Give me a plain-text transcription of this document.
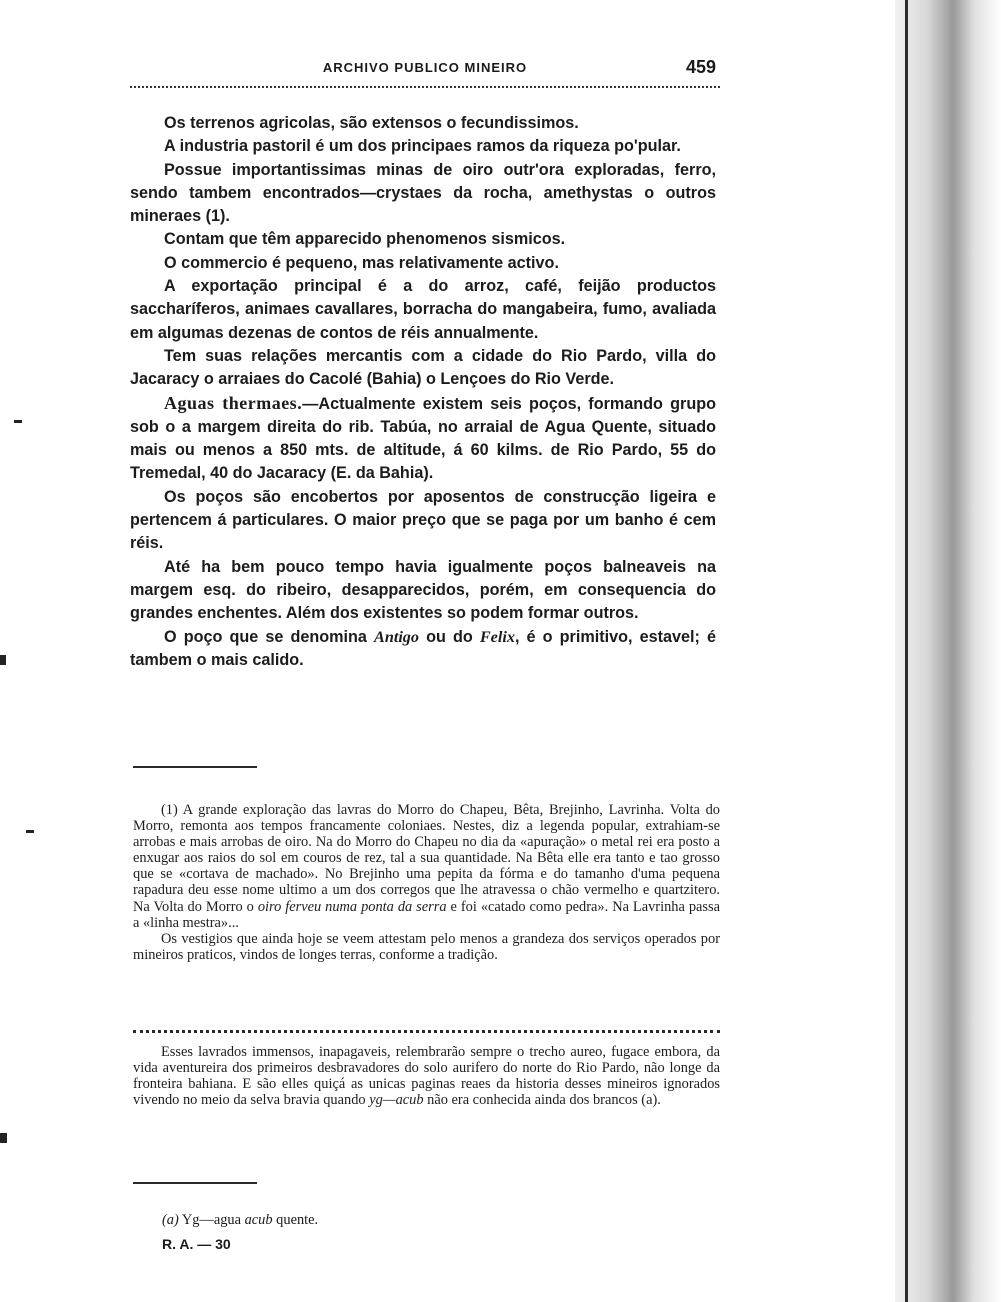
ARCHIVO PUBLICO MINEIRO	459

Os terrenos agricolas, são extensos o fecundissimos.

A industria pastoril é um dos principaes ramos da riqueza po'pular.

Possue importantissimas minas de oiro outr'ora exploradas, ferro, sendo tambem encontrados—crystaes da rocha, amethystas o outros mineraes (1).

Contam que têm apparecido phenomenos sismicos.

O commercio é pequeno, mas relativamente activo.

A exportação principal é a do arroz, café, feijão productos saccharíferos, animaes cavallares, borracha do mangabeira, fumo, avaliada em algumas dezenas de contos de réis annualmente.

Tem suas relações mercantis com a cidade do Rio Pardo, villa do Jacaracy o arraiaes do Cacolé (Bahia) o Lençoes do Rio Verde.

Aguas thermaes.—Actualmente existem seis poços, formando grupo sob o a margem direita do rib. Tabúa, no arraial de Agua Quente, situado mais ou menos a 850 mts. de altitude, á 60 kilms. de Rio Pardo, 55 do Tremedal, 40 do Jacaracy (E. da Bahia).

Os poços são encobertos por aposentos de construcção ligeira e pertencem á particulares. O maior preço que se paga por um banho é cem réis.

Até ha bem pouco tempo havia igualmente poços balneaveis na margem esq. do ribeiro, desapparecidos, porém, em consequencia do grandes enchentes. Além dos existentes so podem formar outros.

O poço que se denomina Antigo ou do Felix, é o primitivo, estavel; é tambem o mais calido.

(1) A grande exploração das lavras do Morro do Chapeu, Bêta, Brejinho, Lavrinha. Volta do Morro, remonta aos tempos francamente coloniaes. Nestes, diz a legenda popular, extrahiam-se arrobas e mais arrobas de oiro. Na do Morro do Chapeu no dia da «apuração» o metal rei era posto a enxugar aos raios do sol em couros de rez, tal a sua quantidade. Na Bêta elle era tanto e tao grosso que se «cortava de machado». No Brejinho uma pepita da fórma e do tamanho d'uma pequena rapadura deu esse nome ultimo a um dos corregos que lhe atravessa o chão vermelho e quartzitero. Na Volta do Morro o oiro ferveu numa ponta da serra e foi «catado como pedra». Na Lavrinha passa a «linha mestra»...

Os vestigios que ainda hoje se veem attestam pelo menos a grandeza dos serviços operados por mineiros praticos, vindos de longes terras, conforme a tradição.

Esses lavrados immensos, inapagaveis, relembrarão sempre o trecho aureo, fugace embora, da vida aventureira dos primeiros desbravadores do solo aurifero do norte do Rio Pardo, não longe da fronteira bahiana. E são elles quiçá as unicas paginas reaes da historia desses mineiros ignorados vivendo no meio da selva bravia quando yg—acub não era conhecida ainda dos brancos (a).

(a) Yg—agua acub quente.
R. A. — 30
